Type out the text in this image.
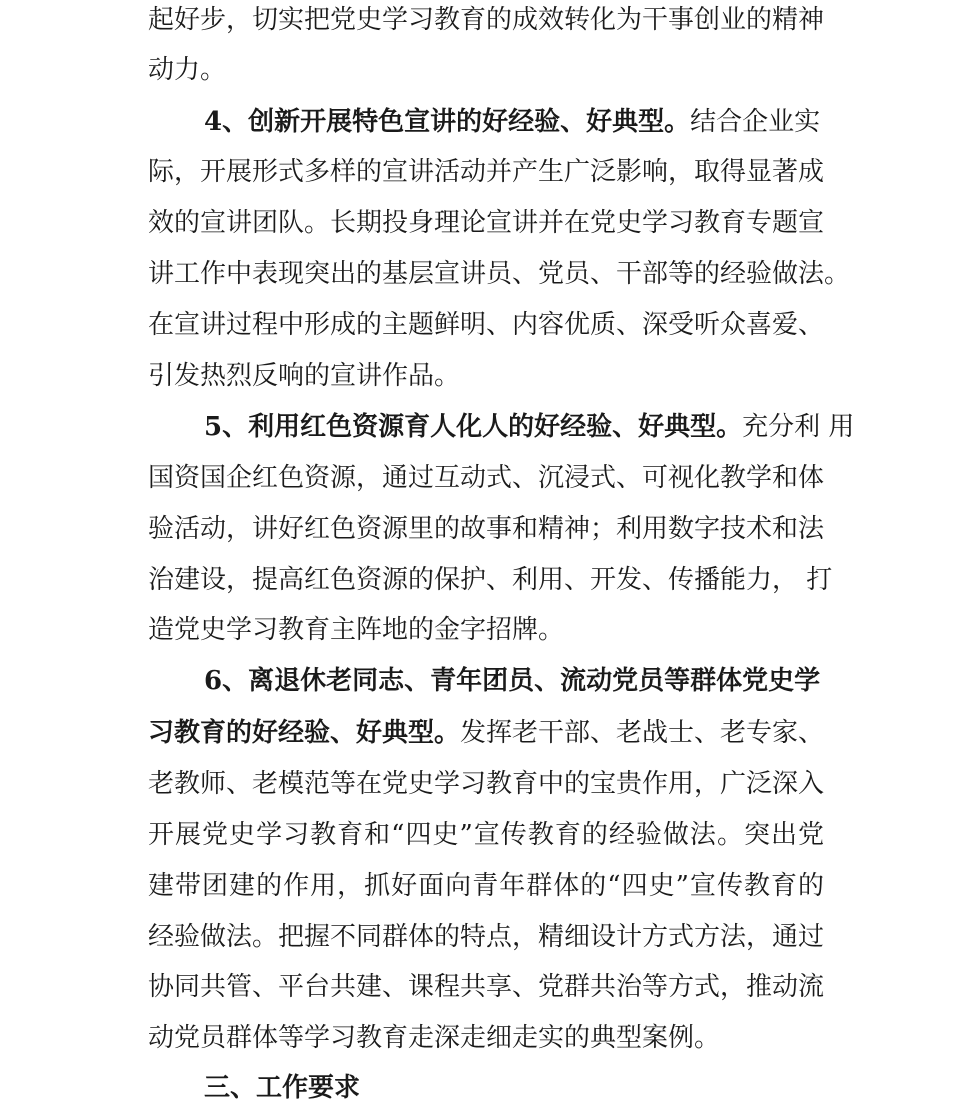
起好步，切实把党史学习教育的成效转化为干事创业的精神
动力。
4、创新开展特色宣讲的好经验、好典型。结合企业实
际，开展形式多样的宣讲活动并产生广泛影响，取得显著成
效的宣讲团队。长期投身理论宣讲并在党史学习教育专题宣
讲工作中表现突出的基层宣讲员、党员、干部等的经验做法。
在宣讲过程中形成的主题鲜明、内容优质、深受听众喜爱、
引发热烈反响的宣讲作品。
5、利用红色资源育人化人的好经验、好典型。充分利 用
国资国企红色资源，通过互动式、沉浸式、可视化教学和体
验活动，讲好红色资源里的故事和精神；利用数字技术和法
治建设，提高红色资源的保护、利用、开发、传播能力， 打
造党史学习教育主阵地的金字招牌。
6、离退休老同志、青年团员、流动党员等群体党史学
习教育的好经验、好典型。发挥老干部、老战士、老专家、
老教师、老模范等在党史学习教育中的宝贵作用，广泛深入
开展党史学习教育和“四史”宣传教育的经验做法。突出党
建带团建的作用，抓好面向青年群体的“四史”宣传教育的
经验做法。把握不同群体的特点，精细设计方式方法，通过
协同共管、平台共建、课程共享、党群共治等方式，推动流
动党员群体等学习教育走深走细走实的典型案例。
三、工作要求
